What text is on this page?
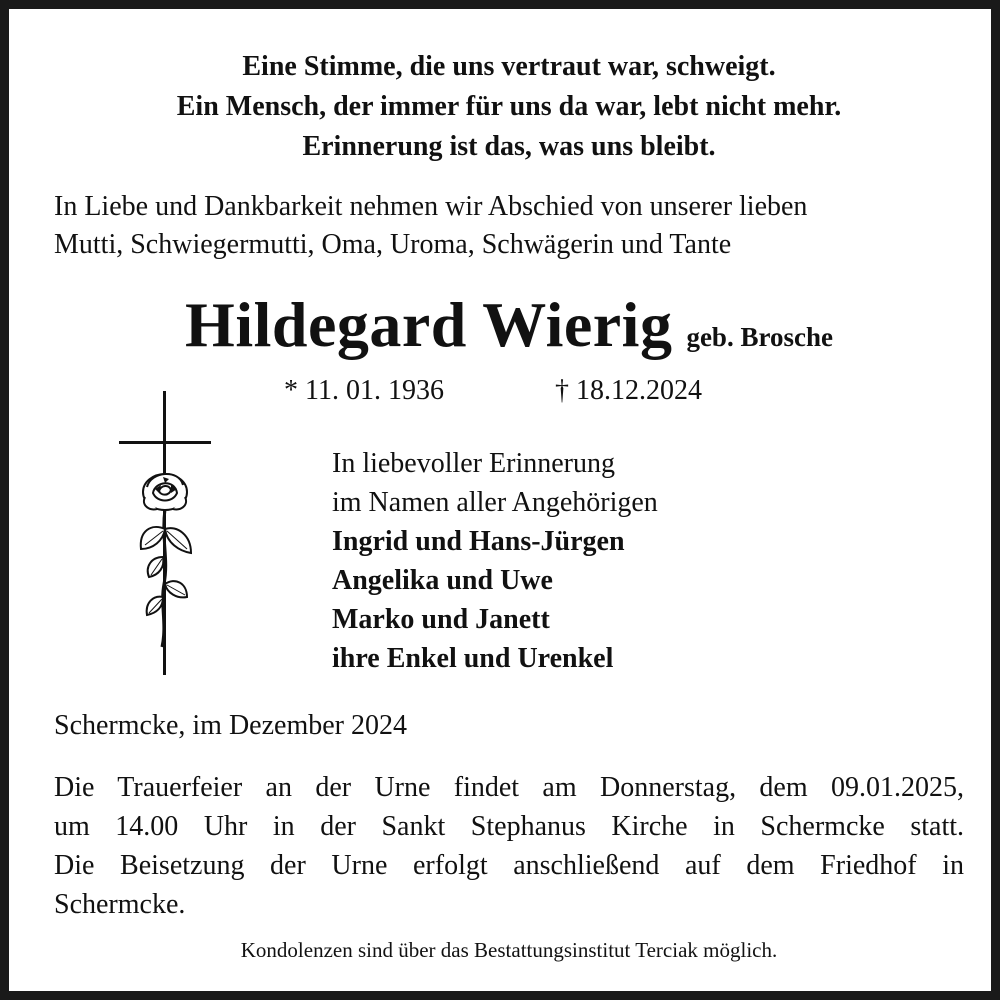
Eine Stimme, die uns vertraut war, schweigt.
Ein Mensch, der immer für uns da war, lebt nicht mehr.
Erinnerung ist das, was uns bleibt.
In Liebe und Dankbarkeit nehmen wir Abschied von unserer lieben
Mutti, Schwiegermutti, Oma, Uroma, Schwägerin und Tante
Hildegard Wierig geb. Brosche
* 11. 01. 1936	† 18.12.2024
In liebevoller Erinnerung
im Namen aller Angehörigen
Ingrid und Hans-Jürgen
Angelika und Uwe
Marko und Janett
ihre Enkel und Urenkel
Schermcke, im Dezember 2024
Die Trauerfeier an der Urne findet am Donnerstag, dem 09.01.2025,
um 14.00 Uhr in der Sankt Stephanus Kirche in Schermcke statt.
Die Beisetzung der Urne erfolgt anschließend auf dem Friedhof in
Schermcke.
Kondolenzen sind über das Bestattungsinstitut Terciak möglich.
